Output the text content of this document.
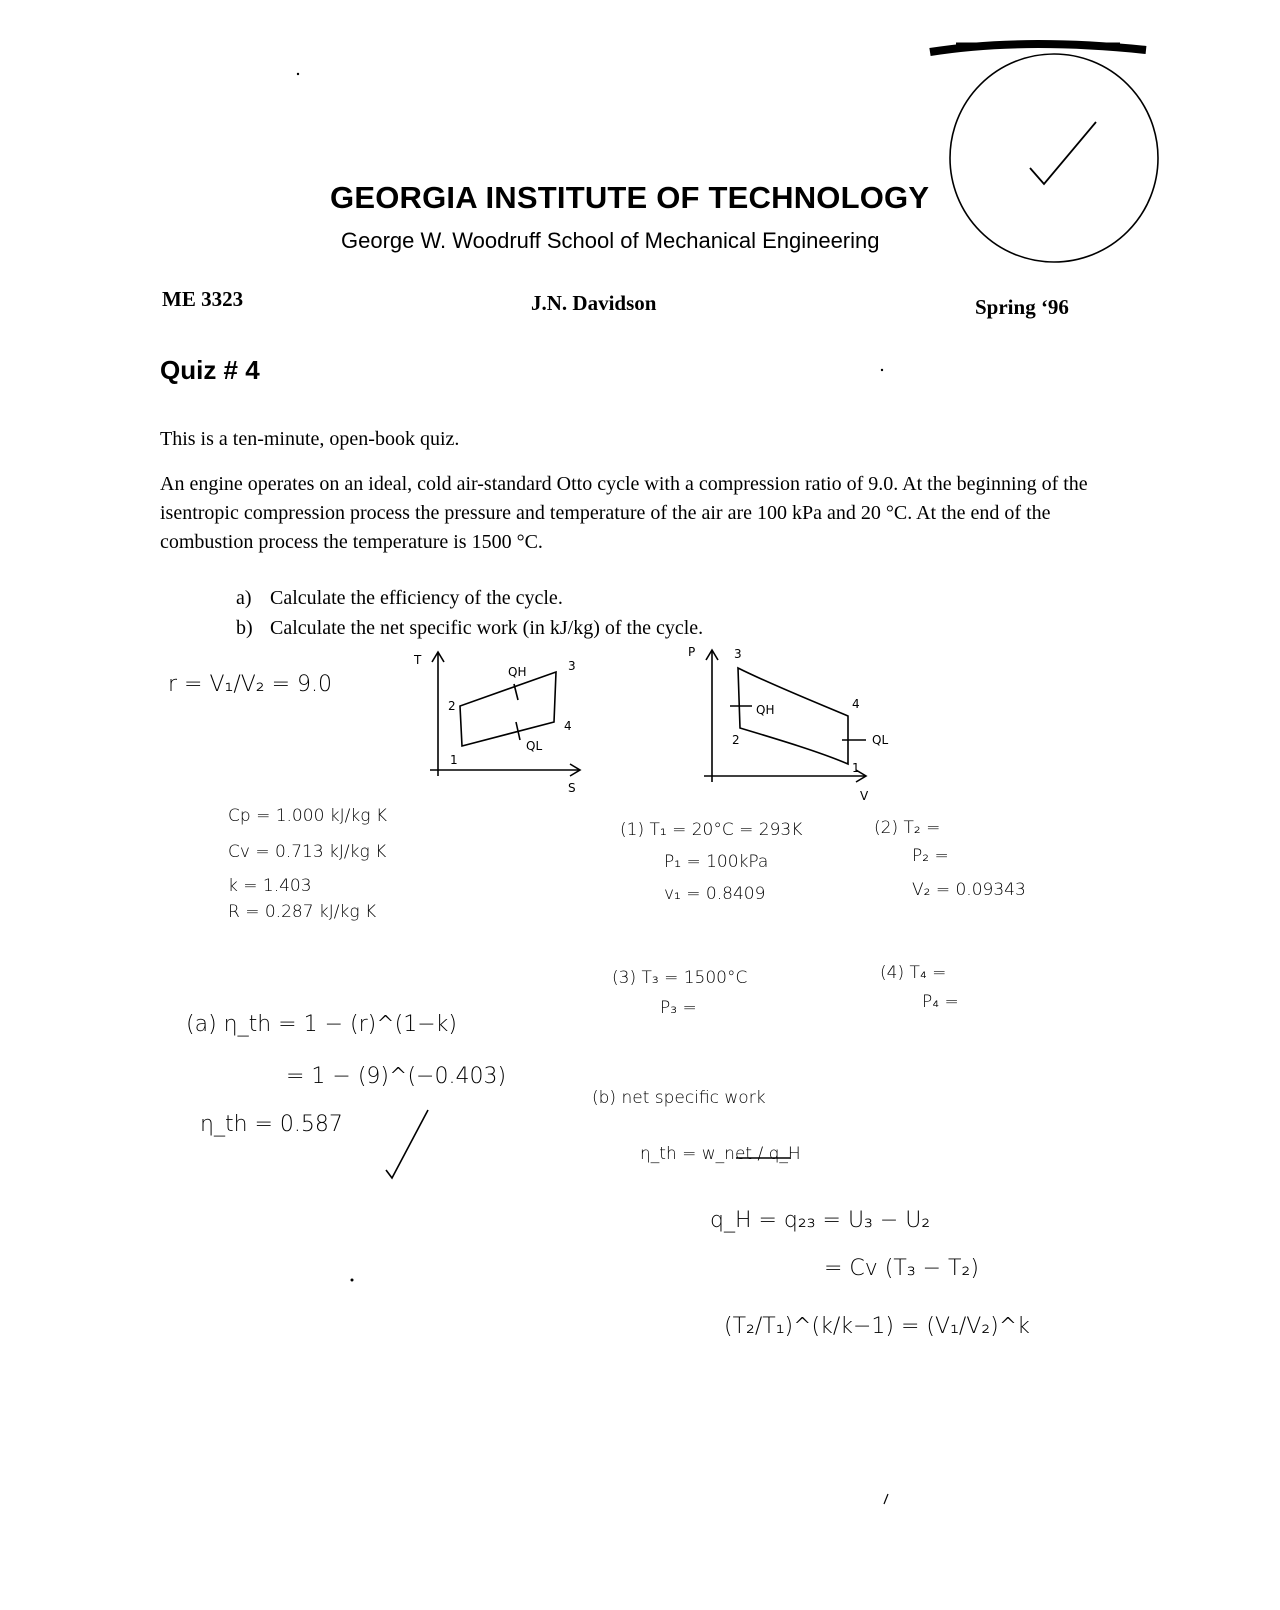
GEORGIA INSTITUTE OF TECHNOLOGY
George W. Woodruff School of Mechanical Engineering
ME 3323	J.N. Davidson	Spring ‘96
Quiz # 4
This is a ten-minute, open-book quiz.
An engine operates on an ideal, cold air-standard Otto cycle with a compression ratio of 9.0. At the beginning of the isentropic compression process the pressure and temperature of the air are 100 kPa and 20 °C. At the end of the combustion process the temperature is 1500 °C.
a) Calculate the efficiency of the cycle.
b) Calculate the net specific work (in kJ/kg) of the cycle.
r = V₁/V₂ = 9.0
Cp = 1.000 kJ/kg K
Cv = 0.713 kJ/kg K
k = 1.403
R = 0.287 kJ/kg K
(1) T₁ = 20°C = 293K
P₁ = 100kPa
v₁ = 0.8409
(2) T₂ =
P₂ =
V₂ = 0.09343
(3) T₃ = 1500°C
P₃ =
(4) T₄ =
P₄ =
(a) η_th = 1 − (r)^(1−k)
= 1 − (9)^(−0.403)
η_th = 0.587
(b) net specific work
η_th = w_net / q_H
q_H = q₂₃ = U₃ − U₂
= Cv (T₃ − T₂)
(T₂/T₁)^(k/k−1) = (V₁/V₂)^k
T
S
QH
QL
1
2
3
4
P
V
QH
QL
1
2
3
4
